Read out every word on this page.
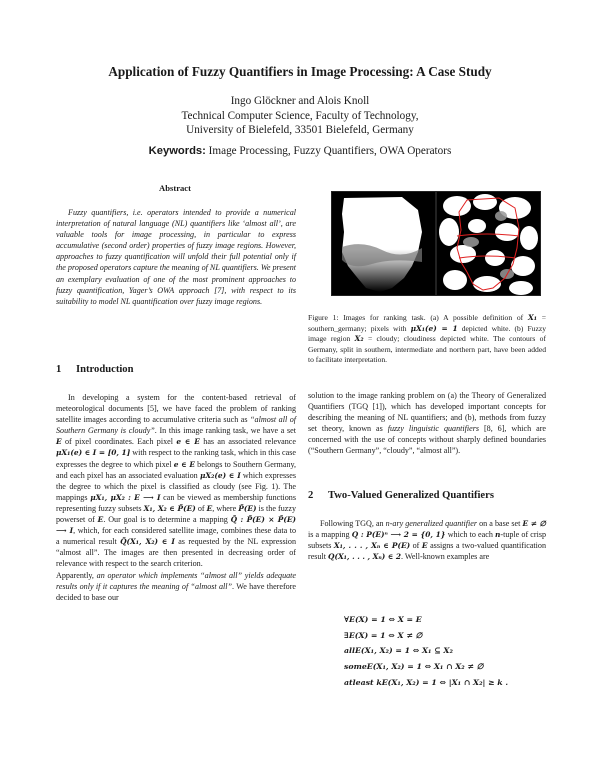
Application of Fuzzy Quantifiers in Image Processing: A Case Study
Ingo Glöckner and Alois Knoll
Technical Computer Science, Faculty of Technology,
University of Bielefeld, 33501 Bielefeld, Germany
Keywords: Image Processing, Fuzzy Quantifiers, OWA Operators
Abstract

Fuzzy quantifiers, i.e. operators intended to provide a numerical interpretation of natural language (NL) quantifiers like ‘almost all’, are valuable tools for image processing, in particular to express accumulative (second order) properties of fuzzy image regions. However, approaches to fuzzy quantification will unfold their full potential only if the proposed operators capture the meaning of NL quantifiers. We present an exemplary evaluation of one of the most prominent approaches to fuzzy quantification, Yager’s OWA approach [7], with respect to its suitability to model NL quantification over fuzzy image regions.

Figure 1: Images for ranking task. (a) A possible definition of X₁ = southern_germany; pixels with μX₁(e) = 1 depicted white. (b) Fuzzy image region X₂ = cloudy; cloudiness depicted white. The contours of Germany, split in southern, intermediate and northern part, have been added to facilitate interpretation.

1 Introduction

In developing a system for the content-based retrieval of meteorological documents [5], we have faced the problem of ranking satellite images according to accumulative criteria such as “almost all of Southern Germany is cloudy”. In this image ranking task, we have a set E of pixel coordinates. Each pixel e ∈ E has an associated relevance μX₁(e) ∈ I = [0, 1] with respect to the ranking task, which in this case expresses the degree to which pixel e ∈ E belongs to Southern Germany, and each pixel has an associated evaluation μX₂(e) ∈ I which expresses the degree to which the pixel is classified as cloudy (see Fig. 1). The mappings μX₁, μX₂ : E ⟶ I can be viewed as membership functions representing fuzzy subsets X₁, X₂ ∈ P̃(E) of E, where P̃(E) is the fuzzy powerset of E. Our goal is to determine a mapping Q̃ : P̃(E) × P̃(E) ⟶ I, which, for each considered satellite image, combines these data to a numerical result Q̃(X₁, X₂) ∈ I as requested by the NL expression “almost all”. The images are then presented in decreasing order of relevance with respect to the search criterion.

Apparently, an operator which implements “almost all” yields adequate results only if it captures the meaning of “almost all”. We have therefore decided to base our

solution to the image ranking problem on (a) the Theory of Generalized Quantifiers (TGQ [1]), which has developed important concepts for describing the meaning of NL quantifiers; and (b), methods from fuzzy set theory, known as fuzzy linguistic quantifiers [8, 6], which are concerned with the use of concepts without sharply defined boundaries (“Southern Germany”, “cloudy”, “almost all”).

2 Two-Valued Generalized Quantifiers

Following TGQ, an n-ary generalized quantifier on a base set E ≠ ∅ is a mapping Q : P(E)ⁿ ⟶ 2 = {0, 1} which to each n-tuple of crisp subsets X₁, . . . , Xₙ ∈ P(E) of E assigns a two-valued quantification result Q(X₁, . . . , Xₙ) ∈ 2. Well-known examples are

∀E(X) = 1 ⇔ X = E
∃E(X) = 1 ⇔ X ≠ ∅
allE(X₁, X₂) = 1 ⇔ X₁ ⊆ X₂
someE(X₁, X₂) = 1 ⇔ X₁ ∩ X₂ ≠ ∅
atleast kE(X₁, X₂) = 1 ⇔ |X₁ ∩ X₂| ≥ k .
